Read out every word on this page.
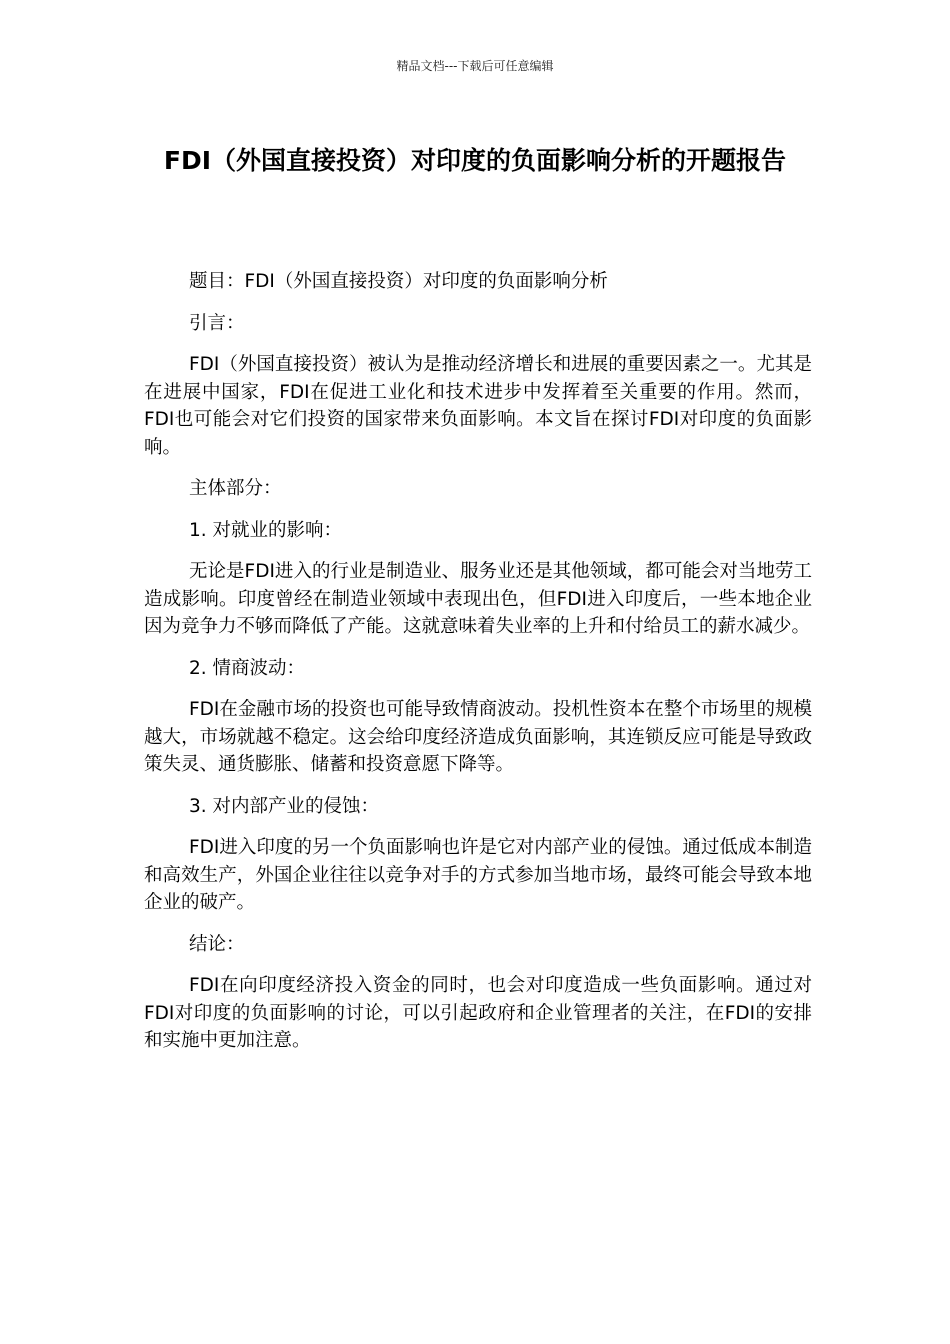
精品文档---下载后可任意编辑
FDI（外国直接投资）对印度的负面影响分析的开题报告

题目：FDI（外国直接投资）对印度的负面影响分析

引言：

FDI（外国直接投资）被认为是推动经济增长和进展的重要因素之一。尤其是在进展中国家，FDI在促进工业化和技术进步中发挥着至关重要的作用。然而，FDI也可能会对它们投资的国家带来负面影响。本文旨在探讨FDI对印度的负面影响。

主体部分：

1. 对就业的影响：

无论是FDI进入的行业是制造业、服务业还是其他领域，都可能会对当地劳工造成影响。印度曾经在制造业领域中表现出色，但FDI进入印度后，一些本地企业因为竞争力不够而降低了产能。这就意味着失业率的上升和付给员工的薪水减少。

2. 情商波动：

FDI在金融市场的投资也可能导致情商波动。投机性资本在整个市场里的规模越大，市场就越不稳定。这会给印度经济造成负面影响，其连锁反应可能是导致政策失灵、通货膨胀、储蓄和投资意愿下降等。

3. 对内部产业的侵蚀：

FDI进入印度的另一个负面影响也许是它对内部产业的侵蚀。通过低成本制造和高效生产，外国企业往往以竞争对手的方式参加当地市场，最终可能会导致本地企业的破产。

结论：

FDI在向印度经济投入资金的同时，也会对印度造成一些负面影响。通过对FDI对印度的负面影响的讨论，可以引起政府和企业管理者的关注，在FDI的安排和实施中更加注意。
